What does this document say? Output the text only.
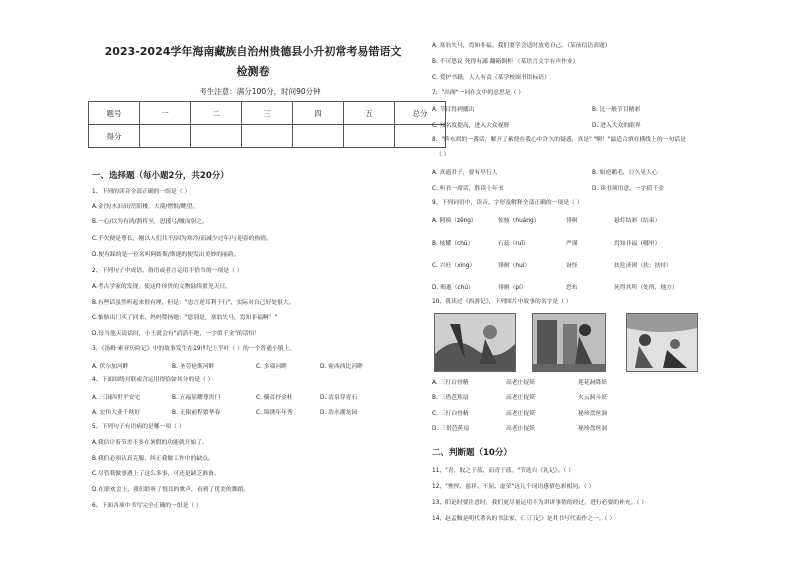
2023-2024学年海南藏族自治州贵德县小升初常考易错语文
检测卷
考生注意：满分100分，时间90分钟
题号	一	二	三	四	五	总分
得分						
一、选择题（每小题2分，共20分）
1、下列的读音全部正确的一组是（ ）
A.金沙/水汩汩/岳阳楼，大漠/憎恨/眺望。
B.一心/以为有鸿/鹄将至，思援弓/缴而射之。
C.不欠便是尊长，刚以人们共不/因为寒冷/而减少过年/与迎春的热情。
D.便有踩的是一位名叫阿娇斯/斯逐的便发出美妙的丽韵。
2、下列句子中成语、俗语或者言运用不恰当的一项是（ ）
A.考古学家的发现，使这件珍贵的文物陆续重见天日。
B.有些话虽然听起来很有理，但是："忠言逆耳利于行"，实际对自己好处很大。
C.惦惦出门买了回来，妈妈赞扬她："您别是，塞翁失马，焉知非福啊！"
D.每当他天说话时，小王就会有"滔滔不绝，一字值千金"的话怕！
3、《汤姆·索亚历险记》中的故事发生在19世纪上半叶（ ）的一个普通小镇上。
A. 伏尔加河畔	B. 圣劳伦斯河畔	C. 多瑙河畔	D. 密西西比河畔
4、下面围绕对联或含运用得恰如其分的是（ ）
A. 三国四世平安宅	B. 五福显耀尊贵门	C. 横首抒金桂	D. 清泉穿青石
A. 宏伟大业千秋好	B. 无限前程繁华春	C. 锦绣年年秀	D. 浩水潮龙园
5、下列句子有语病的是哪一项（ ）
A.我估计着节差不多在暑假的功能就开始了。
B.我们必须认真克服、纠正我做工作中的缺点。
C.尽管我做事遇上了这么多事，可还是缺乏准备。
D.在联欢会上，我们聆听了悦耳的歌声，看到了优美的舞蹈。
6、下面各项中书写完全正确的一组是（ ）
A. 塞翁失马，焉知非福。我们要学会适时放宽自己。（某前信语表题）
B. 不可思议 死得有鄙 翻箱倒柜 （某语言文字有声作业）
C. 爱护书籍，人人有责（某学校图书馆标语）
7、"出阁"一词在文中的意思是（ ）
A. 节目得到播出	B. 比一般节目精彩
C. 知名度提高，进入大众视野	D. 进入大众的眼界
8、"阵东拐的一番话，解开了萦绕在我心中许久的疑惑，真是" "啊！"最适合填在横线上的一句话是
（ ）
A. 真通君子，要有早行人	B. 如逆鹅毛，日久见人心
C. 听君一席话，胜读十年书	D. 读书须用意，一字值千金
9、下列词语中，读音、字形及解释全部正确的一项是（ ）
A. 阿谀（zēng）	惊骇（huáng）	徘徊	悬灯结彩（结束）
B. 炫耀（chǔ）	石蕊（ruǐ）	严谨	焉知非福（哪里）
C. 兴旺（xìng）	徘徊（huí）	讶怪	扶危济困（扶：扶持）
D. 殒逝（chú）	徘徊（pí）	恐布	死得其所（处所，地方）
10、我读过《西游记》，下列图片中故事的名字是（ ）
A. 三打白骨精	高老庄捉妖	莲花洞降妖
B. 三借芭蕉扇	高老庄捉妖	火云洞斗妖
C. 三打白骨精	高老庄捉妖	秘珍盘丝洞
D. 三借芭蕉扇	高老庄捉妖	秘珍盘丝洞
二、判断题（10分）
11、"青，取之于蓝，而青于蓝。"节选自《礼记》。（ ）
12、"憔悴、慈祥、不屈、虚荣"这几个词语感情色彩相同。（ ）
13、阳论时要注意时，我们更尽量运用不为讲讲事情的经过，进行必要的补充。（ ）
14、赵孟頫是明代著名的书法家，《三门记》是其书写代表作之一。（ ）
